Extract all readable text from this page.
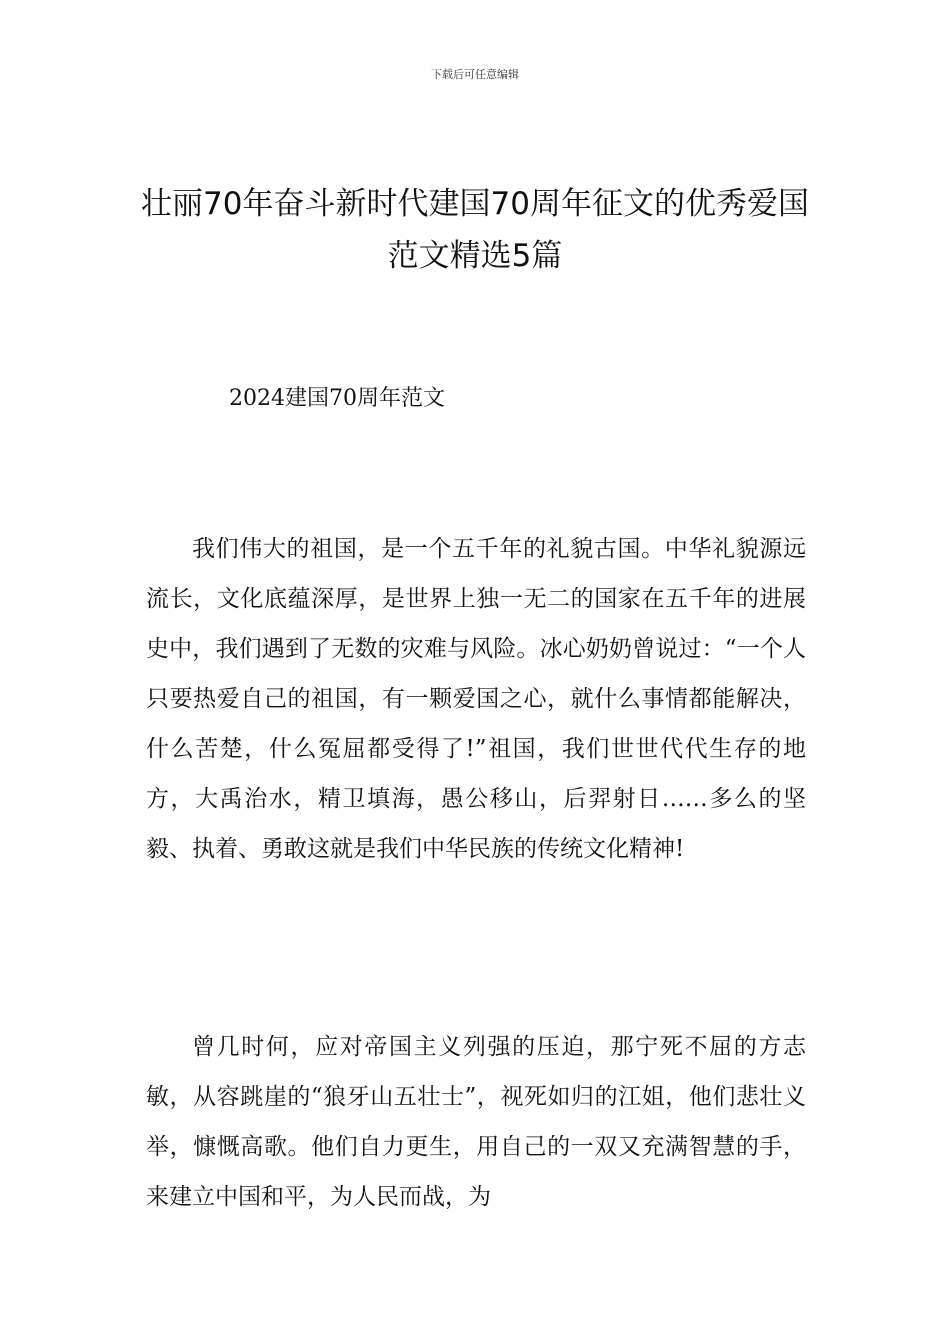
下载后可任意编辑
壮丽70年奋斗新时代建国70周年征文的优秀爱国范文精选5篇
2024建国70周年范文

我们伟大的祖国，是一个五千年的礼貌古国。中华礼貌源远流长，文化底蕴深厚，是世界上独一无二的国家在五千年的进展史中，我们遇到了无数的灾难与风险。冰心奶奶曾说过：“一个人只要热爱自己的祖国，有一颗爱国之心，就什么事情都能解决，什么苦楚，什么冤屈都受得了!”祖国，我们世世代代生存的地方，大禹治水，精卫填海，愚公移山，后羿射日……多么的坚毅、执着、勇敢这就是我们中华民族的传统文化精神!

曾几时何，应对帝国主义列强的压迫，那宁死不屈的方志敏，从容跳崖的“狼牙山五壮士”，视死如归的江姐，他们悲壮义举，慷慨高歌。他们自力更生，用自己的一双又充满智慧的手，来建立中国和平，为人民而战，为
